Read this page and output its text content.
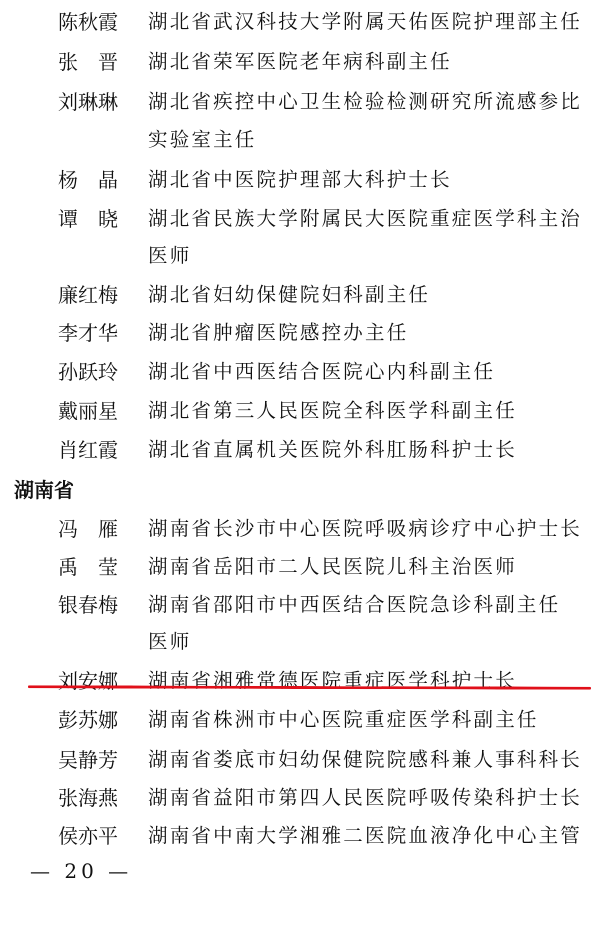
陈秋霞	湖北省武汉科技大学附属天佑医院护理部主任
张　晋	湖北省荣军医院老年病科副主任
刘琳琳	湖北省疾控中心卫生检验检测研究所流感参比
实验室主任
杨　晶	湖北省中医院护理部大科护士长
谭　晓	湖北省民族大学附属民大医院重症医学科主治
医师
廉红梅	湖北省妇幼保健院妇科副主任
李才华	湖北省肿瘤医院感控办主任
孙跃玲	湖北省中西医结合医院心内科副主任
戴丽星	湖北省第三人民医院全科医学科副主任
肖红霞	湖北省直属机关医院外科肛肠科护士长
湖南省
冯　雁	湖南省长沙市中心医院呼吸病诊疗中心护士长
禹　莹	湖南省岳阳市二人民医院儿科主治医师
银春梅	湖南省邵阳市中西医结合医院急诊科副主任
医师
刘安娜	湖南省湘雅常德医院重症医学科护士长
彭苏娜	湖南省株洲市中心医院重症医学科副主任
吴静芳	湖南省娄底市妇幼保健院院感科兼人事科科长
张海燕	湖南省益阳市第四人民医院呼吸传染科护士长
侯亦平	湖南省中南大学湘雅二医院血液净化中心主管
— 20 —
